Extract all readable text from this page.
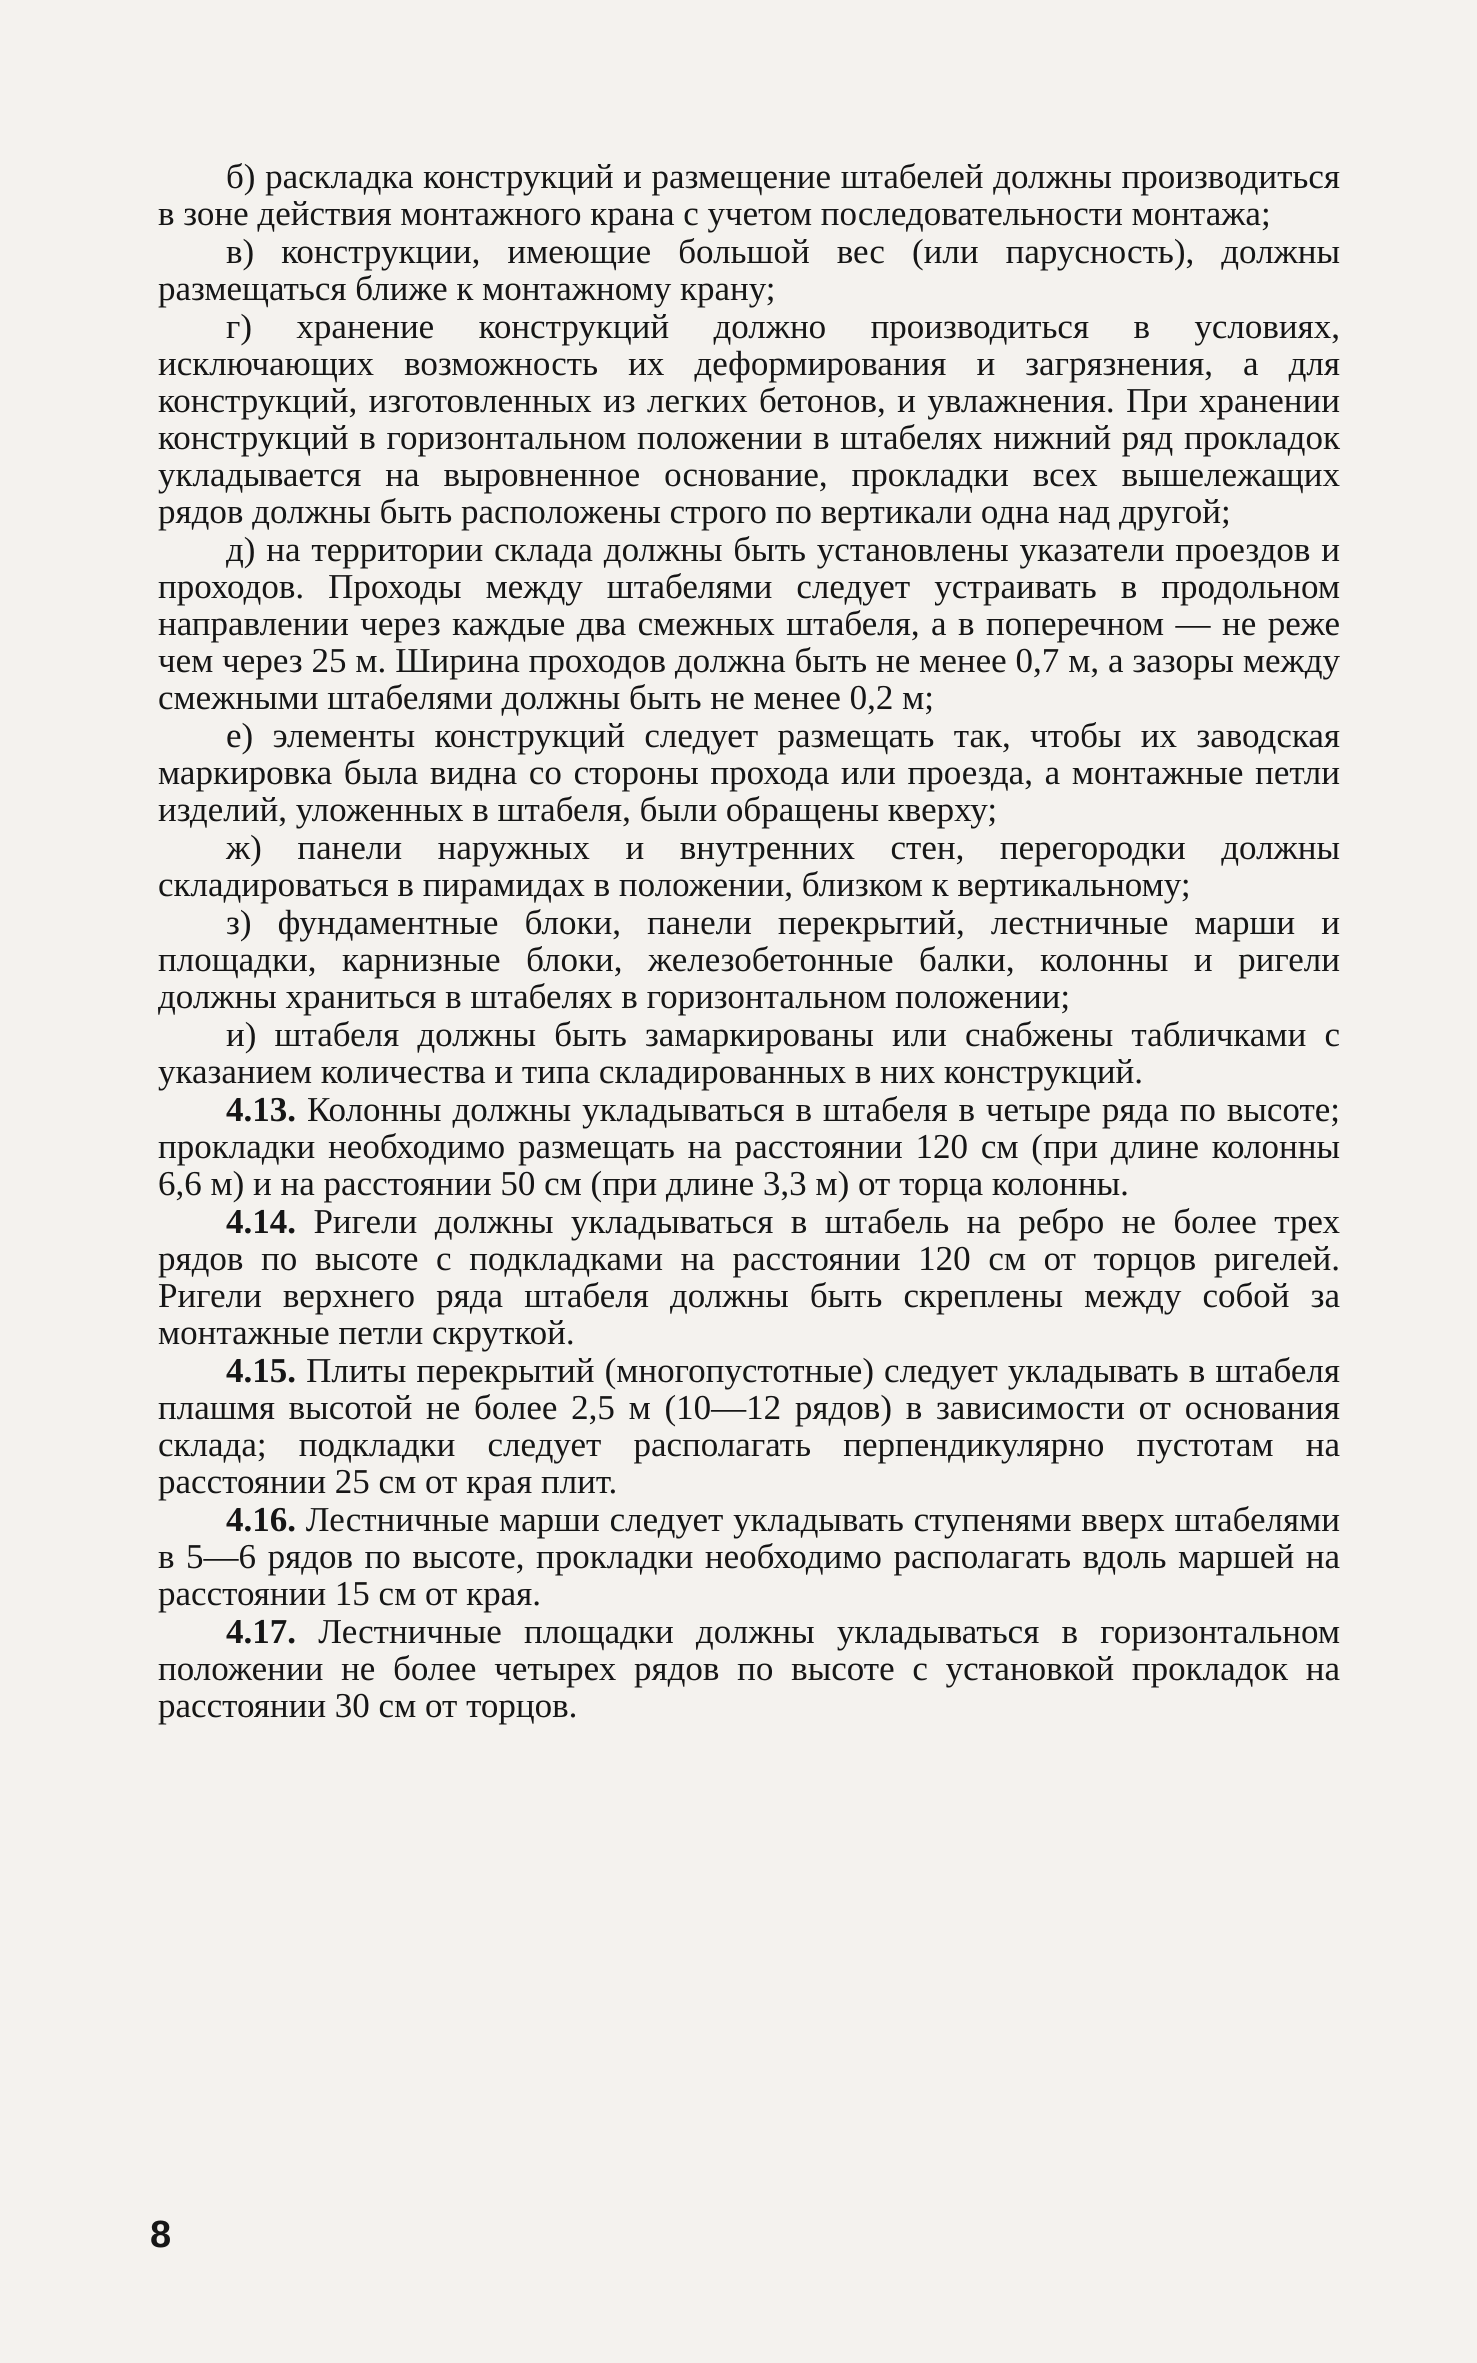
б) раскладка конструкций и размещение штабелей должны производиться в зоне действия монтажного крана с учетом последовательности монтажа;

в) конструкции, имеющие большой вес (или парусность), должны размещаться ближе к монтажному крану;

г) хранение конструкций должно производиться в условиях, исключающих возможность их деформирования и загрязнения, а для конструкций, изготовленных из легких бетонов, и увлажнения. При хранении конструкций в горизонтальном положении в штабелях нижний ряд прокладок укладывается на выровненное основание, прокладки всех вышележащих рядов должны быть расположены строго по вертикали одна над другой;

д) на территории склада должны быть установлены указатели проездов и проходов. Проходы между штабелями следует устраивать в продольном направлении через каждые два смежных штабеля, а в поперечном — не реже чем через 25 м. Ширина проходов должна быть не менее 0,7 м, а зазоры между смежными штабелями должны быть не менее 0,2 м;

е) элементы конструкций следует размещать так, чтобы их заводская маркировка была видна со стороны прохода или проезда, а монтажные петли изделий, уложенных в штабеля, были обращены кверху;

ж) панели наружных и внутренних стен, перегородки должны складироваться в пирамидах в положении, близком к вертикальному;

з) фундаментные блоки, панели перекрытий, лестничные марши и площадки, карнизные блоки, железобетонные балки, колонны и ригели должны храниться в штабелях в горизонтальном положении;

и) штабеля должны быть замаркированы или снабжены табличками с указанием количества и типа складированных в них конструкций.

4.13. Колонны должны укладываться в штабеля в четыре ряда по высоте; прокладки необходимо размещать на расстоянии 120 см (при длине колонны 6,6 м) и на расстоянии 50 см (при длине 3,3 м) от торца колонны.

4.14. Ригели должны укладываться в штабель на ребро не более трех рядов по высоте с подкладками на расстоянии 120 см от торцов ригелей. Ригели верхнего ряда штабеля должны быть скреплены между собой за монтажные петли скруткой.

4.15. Плиты перекрытий (многопустотные) следует укладывать в штабеля плашмя высотой не более 2,5 м (10—12 рядов) в зависимости от основания склада; подкладки следует располагать перпендикулярно пустотам на расстоянии 25 см от края плит.

4.16. Лестничные марши следует укладывать ступенями вверх штабелями в 5—6 рядов по высоте, прокладки необходимо располагать вдоль маршей на расстоянии 15 см от края.

4.17. Лестничные площадки должны укладываться в горизонтальном положении не более четырех рядов по высоте с установкой прокладок на расстоянии 30 см от торцов.

8
